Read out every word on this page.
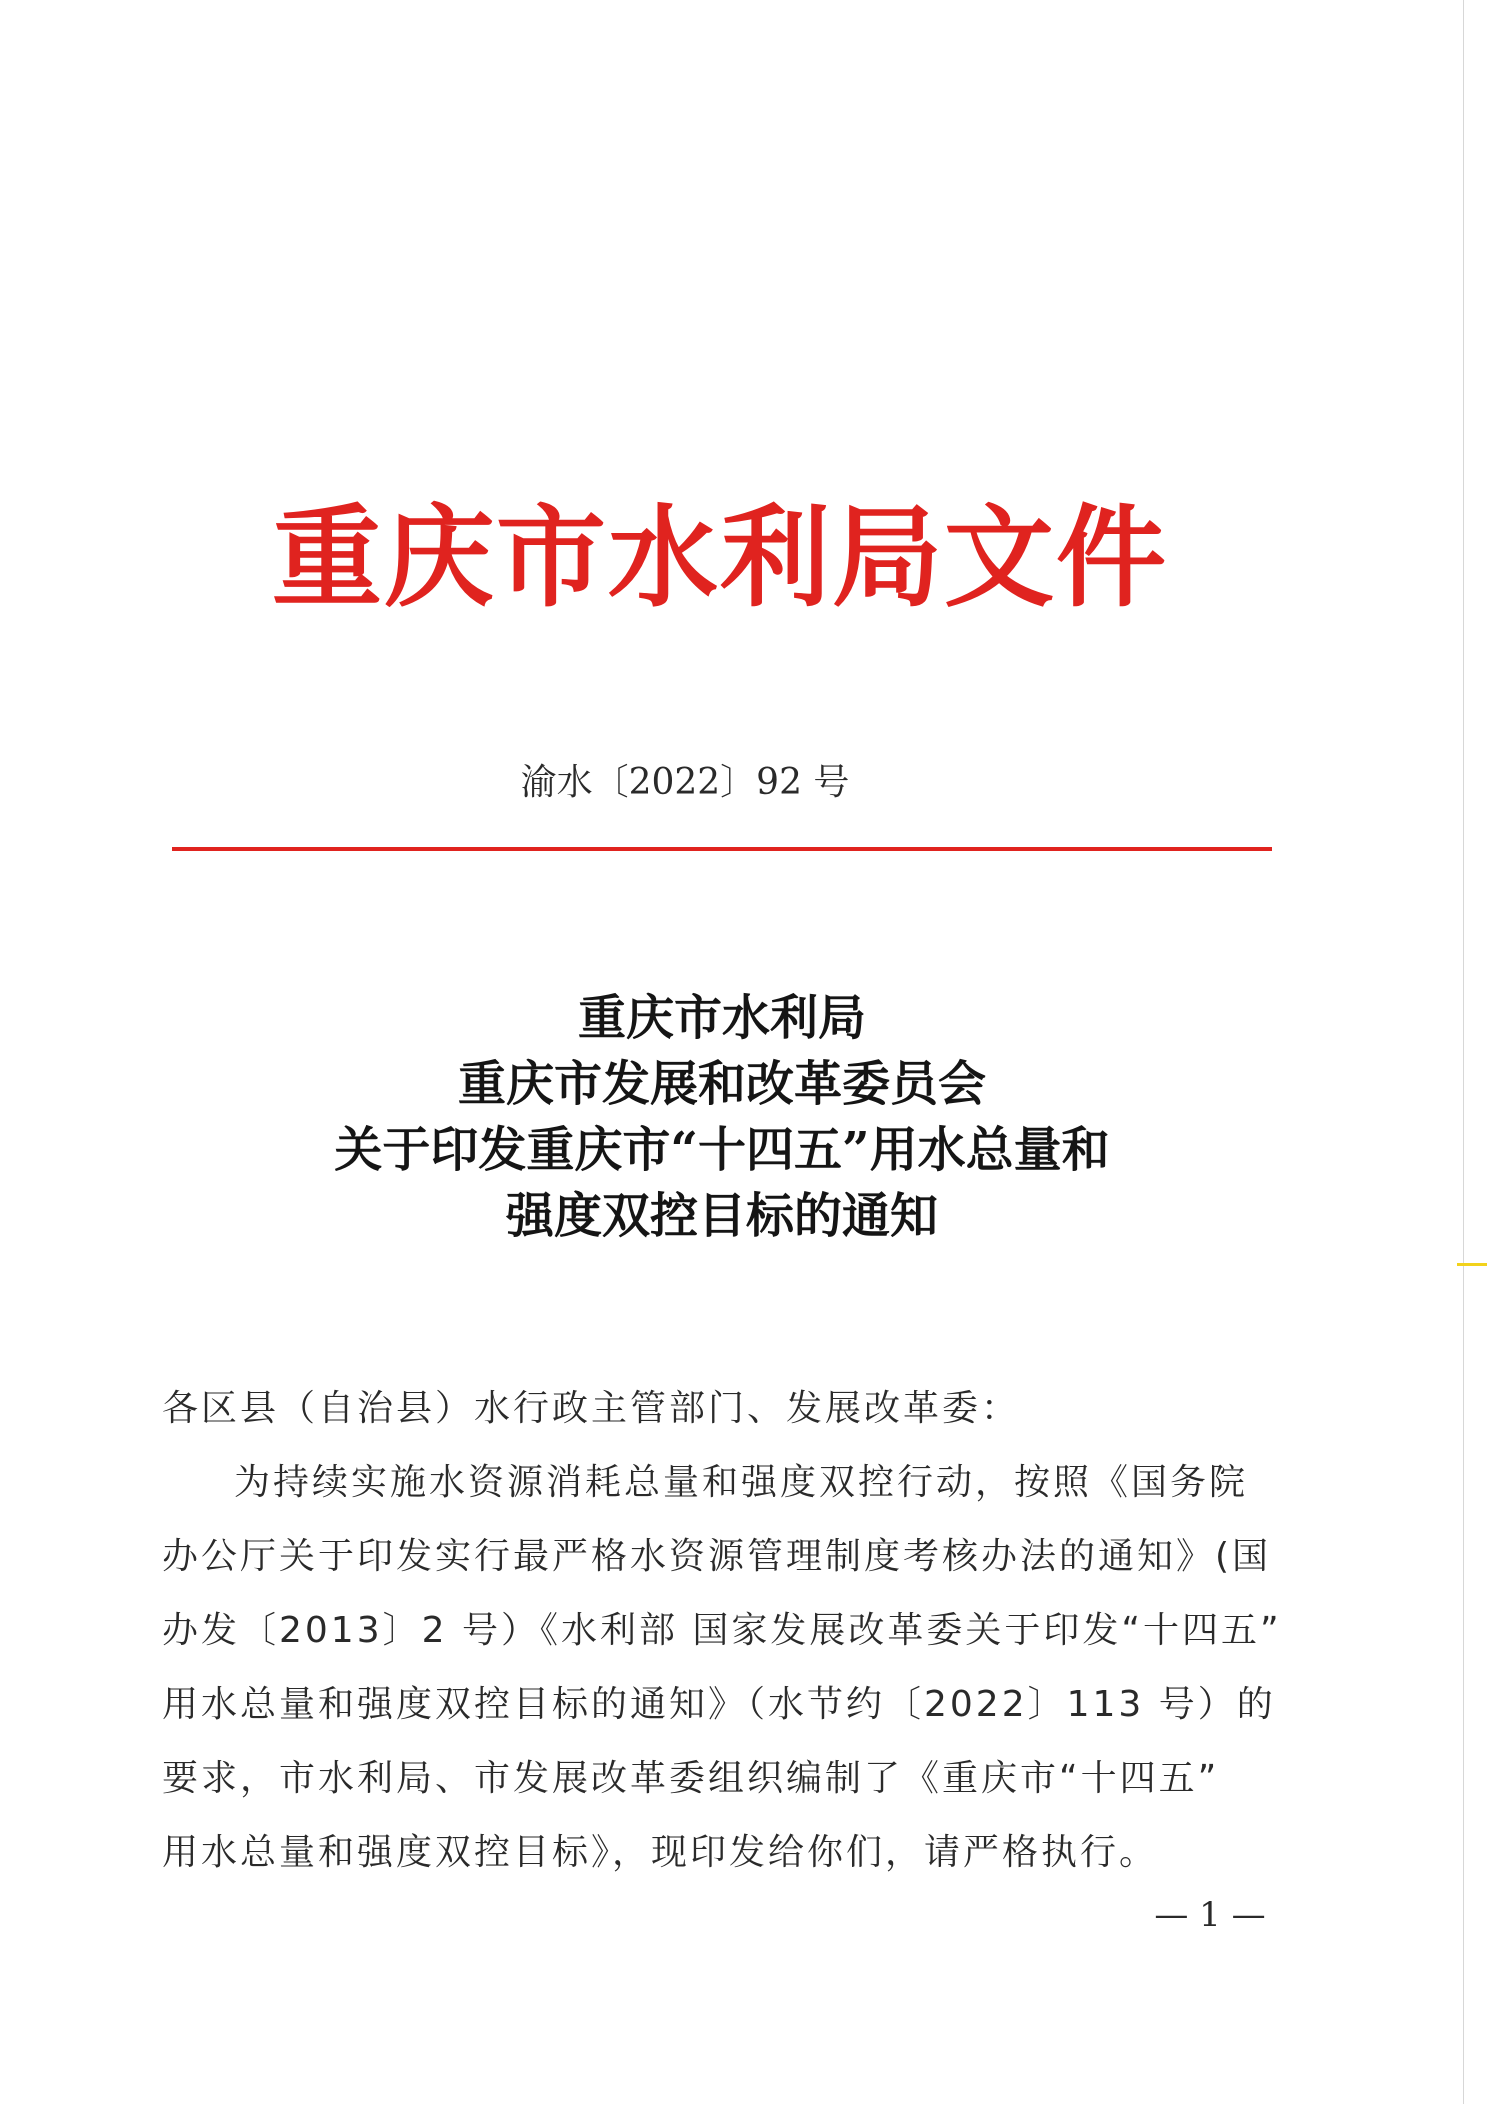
重庆市水利局文件
渝水〔2022〕92 号
重庆市水利局
重庆市发展和改革委员会
关于印发重庆市“十四五”用水总量和
强度双控目标的通知
各区县（自治县）水行政主管部门、发展改革委：
为持续实施水资源消耗总量和强度双控行动，按照《国务院
办公厅关于印发实行最严格水资源管理制度考核办法的通知》(国
办发〔2013〕2 号）《水利部 国家发展改革委关于印发“十四五”
用水总量和强度双控目标的通知》（水节约〔2022〕113 号）的
要求，市水利局、市发展改革委组织编制了《重庆市“十四五”
用水总量和强度双控目标》，现印发给你们，请严格执行。
— 1 —
